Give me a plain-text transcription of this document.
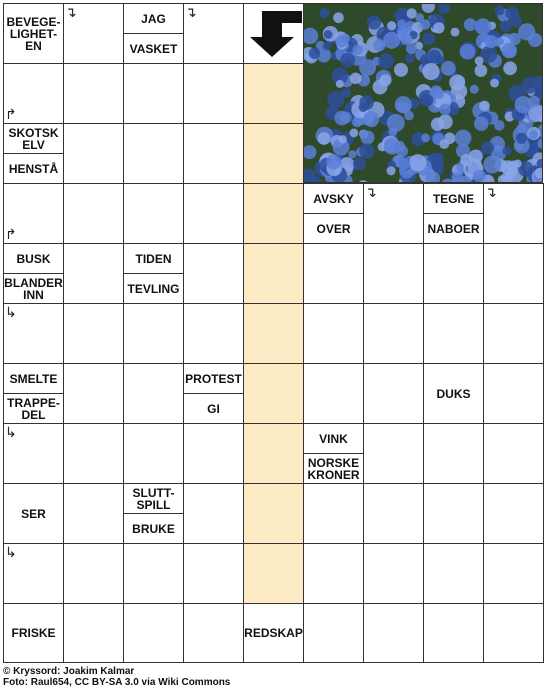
BEVEGE-
LIGHET-
EN
JAG
VASKET
SKOTSK
ELV
HENSTÅ
AVSKY
OVER
TEGNE
NABOER
BUSK
BLANDER
INN
TIDEN
TEVLING
SMELTE
TRAPPE-
DEL
PROTEST
GI
DUKS
VINK
NORSKE
KRONER
SER
SLUTT-
SPILL
BRUKE
FRISKE	REDSKAP
↴	↴
↱
↴	↴
↱
↳
↳
↳
© Kryssord: Joakim Kalmar
Foto: Raul654, CC BY-SA 3.0 via Wiki Commons
